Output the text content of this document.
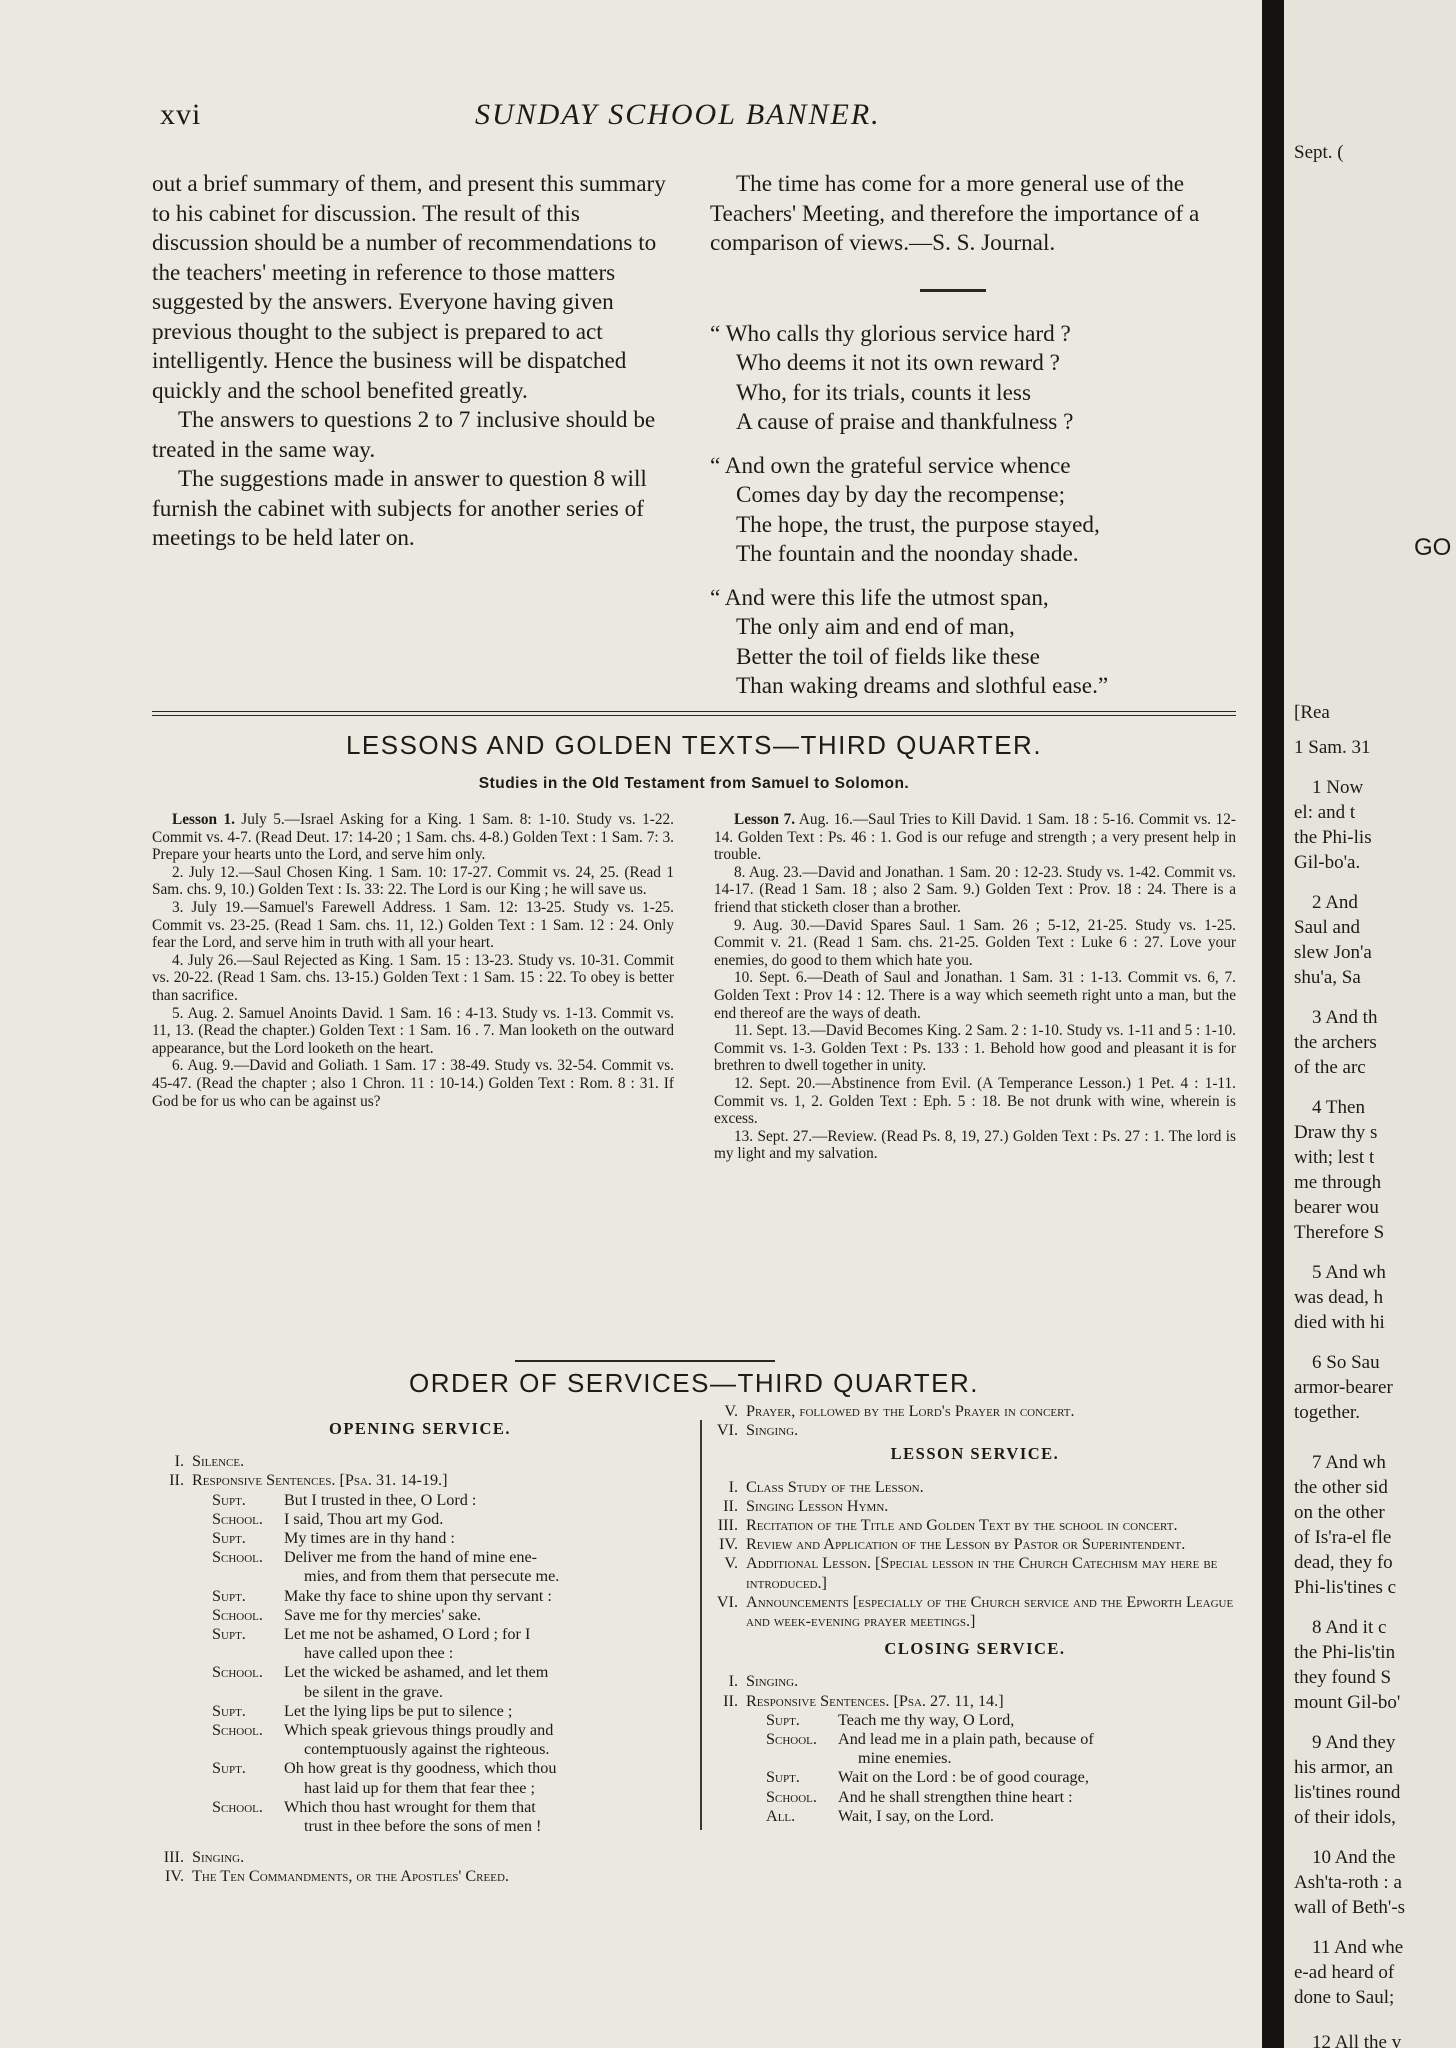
xvi	SUNDAY SCHOOL BANNER.

out a brief summary of them, and present this summary to his cabinet for discussion. The result of this discussion should be a number of recommendations to the teachers' meeting in reference to those matters suggested by the answers. Everyone having given previous thought to the subject is prepared to act intelligently. Hence the business will be dispatched quickly and the school benefited greatly.

The answers to questions 2 to 7 inclusive should be treated in the same way.

The suggestions made in answer to question 8 will furnish the cabinet with subjects for another series of meetings to be held later on.

The time has come for a more general use of the Teachers' Meeting, and therefore the importance of a comparison of views.—S. S. Journal.

“ Who calls thy glorious service hard ?
Who deems it not its own reward ?
Who, for its trials, counts it less
A cause of praise and thankfulness ?
“ And own the grateful service whence
Comes day by day the recompense;
The hope, the trust, the purpose stayed,
The fountain and the noonday shade.
“ And were this life the utmost span,
The only aim and end of man,
Better the toil of fields like these
Than waking dreams and slothful ease.”
LESSONS AND GOLDEN TEXTS—THIRD QUARTER.
Studies in the Old Testament from Samuel to Solomon.

Lesson 1. July 5.—Israel Asking for a King. 1 Sam. 8: 1-10. Study vs. 1-22. Commit vs. 4-7. (Read Deut. 17: 14-20 ; 1 Sam. chs. 4-8.) Golden Text : 1 Sam. 7: 3. Prepare your hearts unto the Lord, and serve him only.

2. July 12.—Saul Chosen King. 1 Sam. 10: 17-27. Commit vs. 24, 25. (Read 1 Sam. chs. 9, 10.) Golden Text : Is. 33: 22. The Lord is our King ; he will save us.

3. July 19.—Samuel's Farewell Address. 1 Sam. 12: 13-25. Study vs. 1-25. Commit vs. 23-25. (Read 1 Sam. chs. 11, 12.) Golden Text : 1 Sam. 12 : 24. Only fear the Lord, and serve him in truth with all your heart.

4. July 26.—Saul Rejected as King. 1 Sam. 15 : 13-23. Study vs. 10-31. Commit vs. 20-22. (Read 1 Sam. chs. 13-15.) Golden Text : 1 Sam. 15 : 22. To obey is better than sacrifice.

5. Aug. 2. Samuel Anoints David. 1 Sam. 16 : 4-13. Study vs. 1-13. Commit vs. 11, 13. (Read the chapter.) Golden Text : 1 Sam. 16 . 7. Man looketh on the outward appearance, but the Lord looketh on the heart.

6. Aug. 9.—David and Goliath. 1 Sam. 17 : 38-49. Study vs. 32-54. Commit vs. 45-47. (Read the chapter ; also 1 Chron. 11 : 10-14.) Golden Text : Rom. 8 : 31. If God be for us who can be against us?

Lesson 7. Aug. 16.—Saul Tries to Kill David. 1 Sam. 18 : 5-16. Commit vs. 12-14. Golden Text : Ps. 46 : 1. God is our refuge and strength ; a very present help in trouble.

8. Aug. 23.—David and Jonathan. 1 Sam. 20 : 12-23. Study vs. 1-42. Commit vs. 14-17. (Read 1 Sam. 18 ; also 2 Sam. 9.) Golden Text : Prov. 18 : 24. There is a friend that sticketh closer than a brother.

9. Aug. 30.—David Spares Saul. 1 Sam. 26 ; 5-12, 21-25. Study vs. 1-25. Commit v. 21. (Read 1 Sam. chs. 21-25. Golden Text : Luke 6 : 27. Love your enemies, do good to them which hate you.

10. Sept. 6.—Death of Saul and Jonathan. 1 Sam. 31 : 1-13. Commit vs. 6, 7. Golden Text : Prov 14 : 12. There is a way which seemeth right unto a man, but the end thereof are the ways of death.

11. Sept. 13.—David Becomes King. 2 Sam. 2 : 1-10. Study vs. 1-11 and 5 : 1-10. Commit vs. 1-3. Golden Text : Ps. 133 : 1. Behold how good and pleasant it is for brethren to dwell together in unity.

12. Sept. 20.—Abstinence from Evil. (A Temperance Lesson.) 1 Pet. 4 : 1-11. Commit vs. 1, 2. Golden Text : Eph. 5 : 18. Be not drunk with wine, wherein is excess.

13. Sept. 27.—Review. (Read Ps. 8, 19, 27.) Golden Text : Ps. 27 : 1. The lord is my light and my salvation.

ORDER OF SERVICES—THIRD QUARTER.
OPENING SERVICE.
I. Silence.
II. Responsive Sentences. [Psa. 31. 14-19.]
Supt.	But I trusted in thee, O Lord :
School.	I said, Thou art my God.
Supt.	My times are in thy hand :
School.	Deliver me from the hand of mine ene-
mies, and from them that persecute me.
Supt.	Make thy face to shine upon thy servant :
School.	Save me for thy mercies' sake.
Supt.	Let me not be ashamed, O Lord ; for I
have called upon thee :
School.	Let the wicked be ashamed, and let them
be silent in the grave.
Supt.	Let the lying lips be put to silence ;
School.	Which speak grievous things proudly and
contemptuously against the righteous.
Supt.	Oh how great is thy goodness, which thou
hast laid up for them that fear thee ;
School.	Which thou hast wrought for them that
trust in thee before the sons of men !
III. Singing.
IV. The Ten Commandments, or the Apostles' Creed.
V. Prayer, followed by the Lord's Prayer in concert.
VI. Singing.
LESSON SERVICE.
I. Class Study of the Lesson.
II. Singing Lesson Hymn.
III. Recitation of the Title and Golden Text by the school in concert.
IV. Review and Application of the Lesson by Pastor or Superintendent.
V. Additional Lesson. [Special lesson in the Church Catechism may here be introduced.]
VI. Announcements [especially of the Church service and the Epworth League and week-evening prayer meetings.]
CLOSING SERVICE.
I. Singing.
II. Responsive Sentences. [Psa. 27. 11, 14.]
Supt.	Teach me thy way, O Lord,
School.	And lead me in a plain path, because of
mine enemies.
Supt.	Wait on the Lord : be of good courage,
School.	And he shall strengthen thine heart :
All.	Wait, I say, on the Lord.
Sept. (
GO
[Rea
1 Sam. 31
1 Now
el: and t
the Phi-lis
Gil-bo'a.
2 And
Saul and
slew Jon'a
shu'a, Sa
3 And th
the archers
of the arc
4 Then
Draw thy s
with; lest t
me through
bearer wou
Therefore S
5 And wh
was dead, h
died with hi
6 So Sau
armor-bearer
together.
7 And wh
the other sid
on the other
of Is'ra-el fle
dead, they fo
Phi-lis'tines c
8 And it c
the Phi-lis'tin
they found S
mount Gil-bo'
9 And they
his armor, an
lis'tines round
of their idols,
10 And the
Ash'ta-roth : a
wall of Beth'-s
11 And whe
e-ad heard of
done to Saul;
12 All the v
